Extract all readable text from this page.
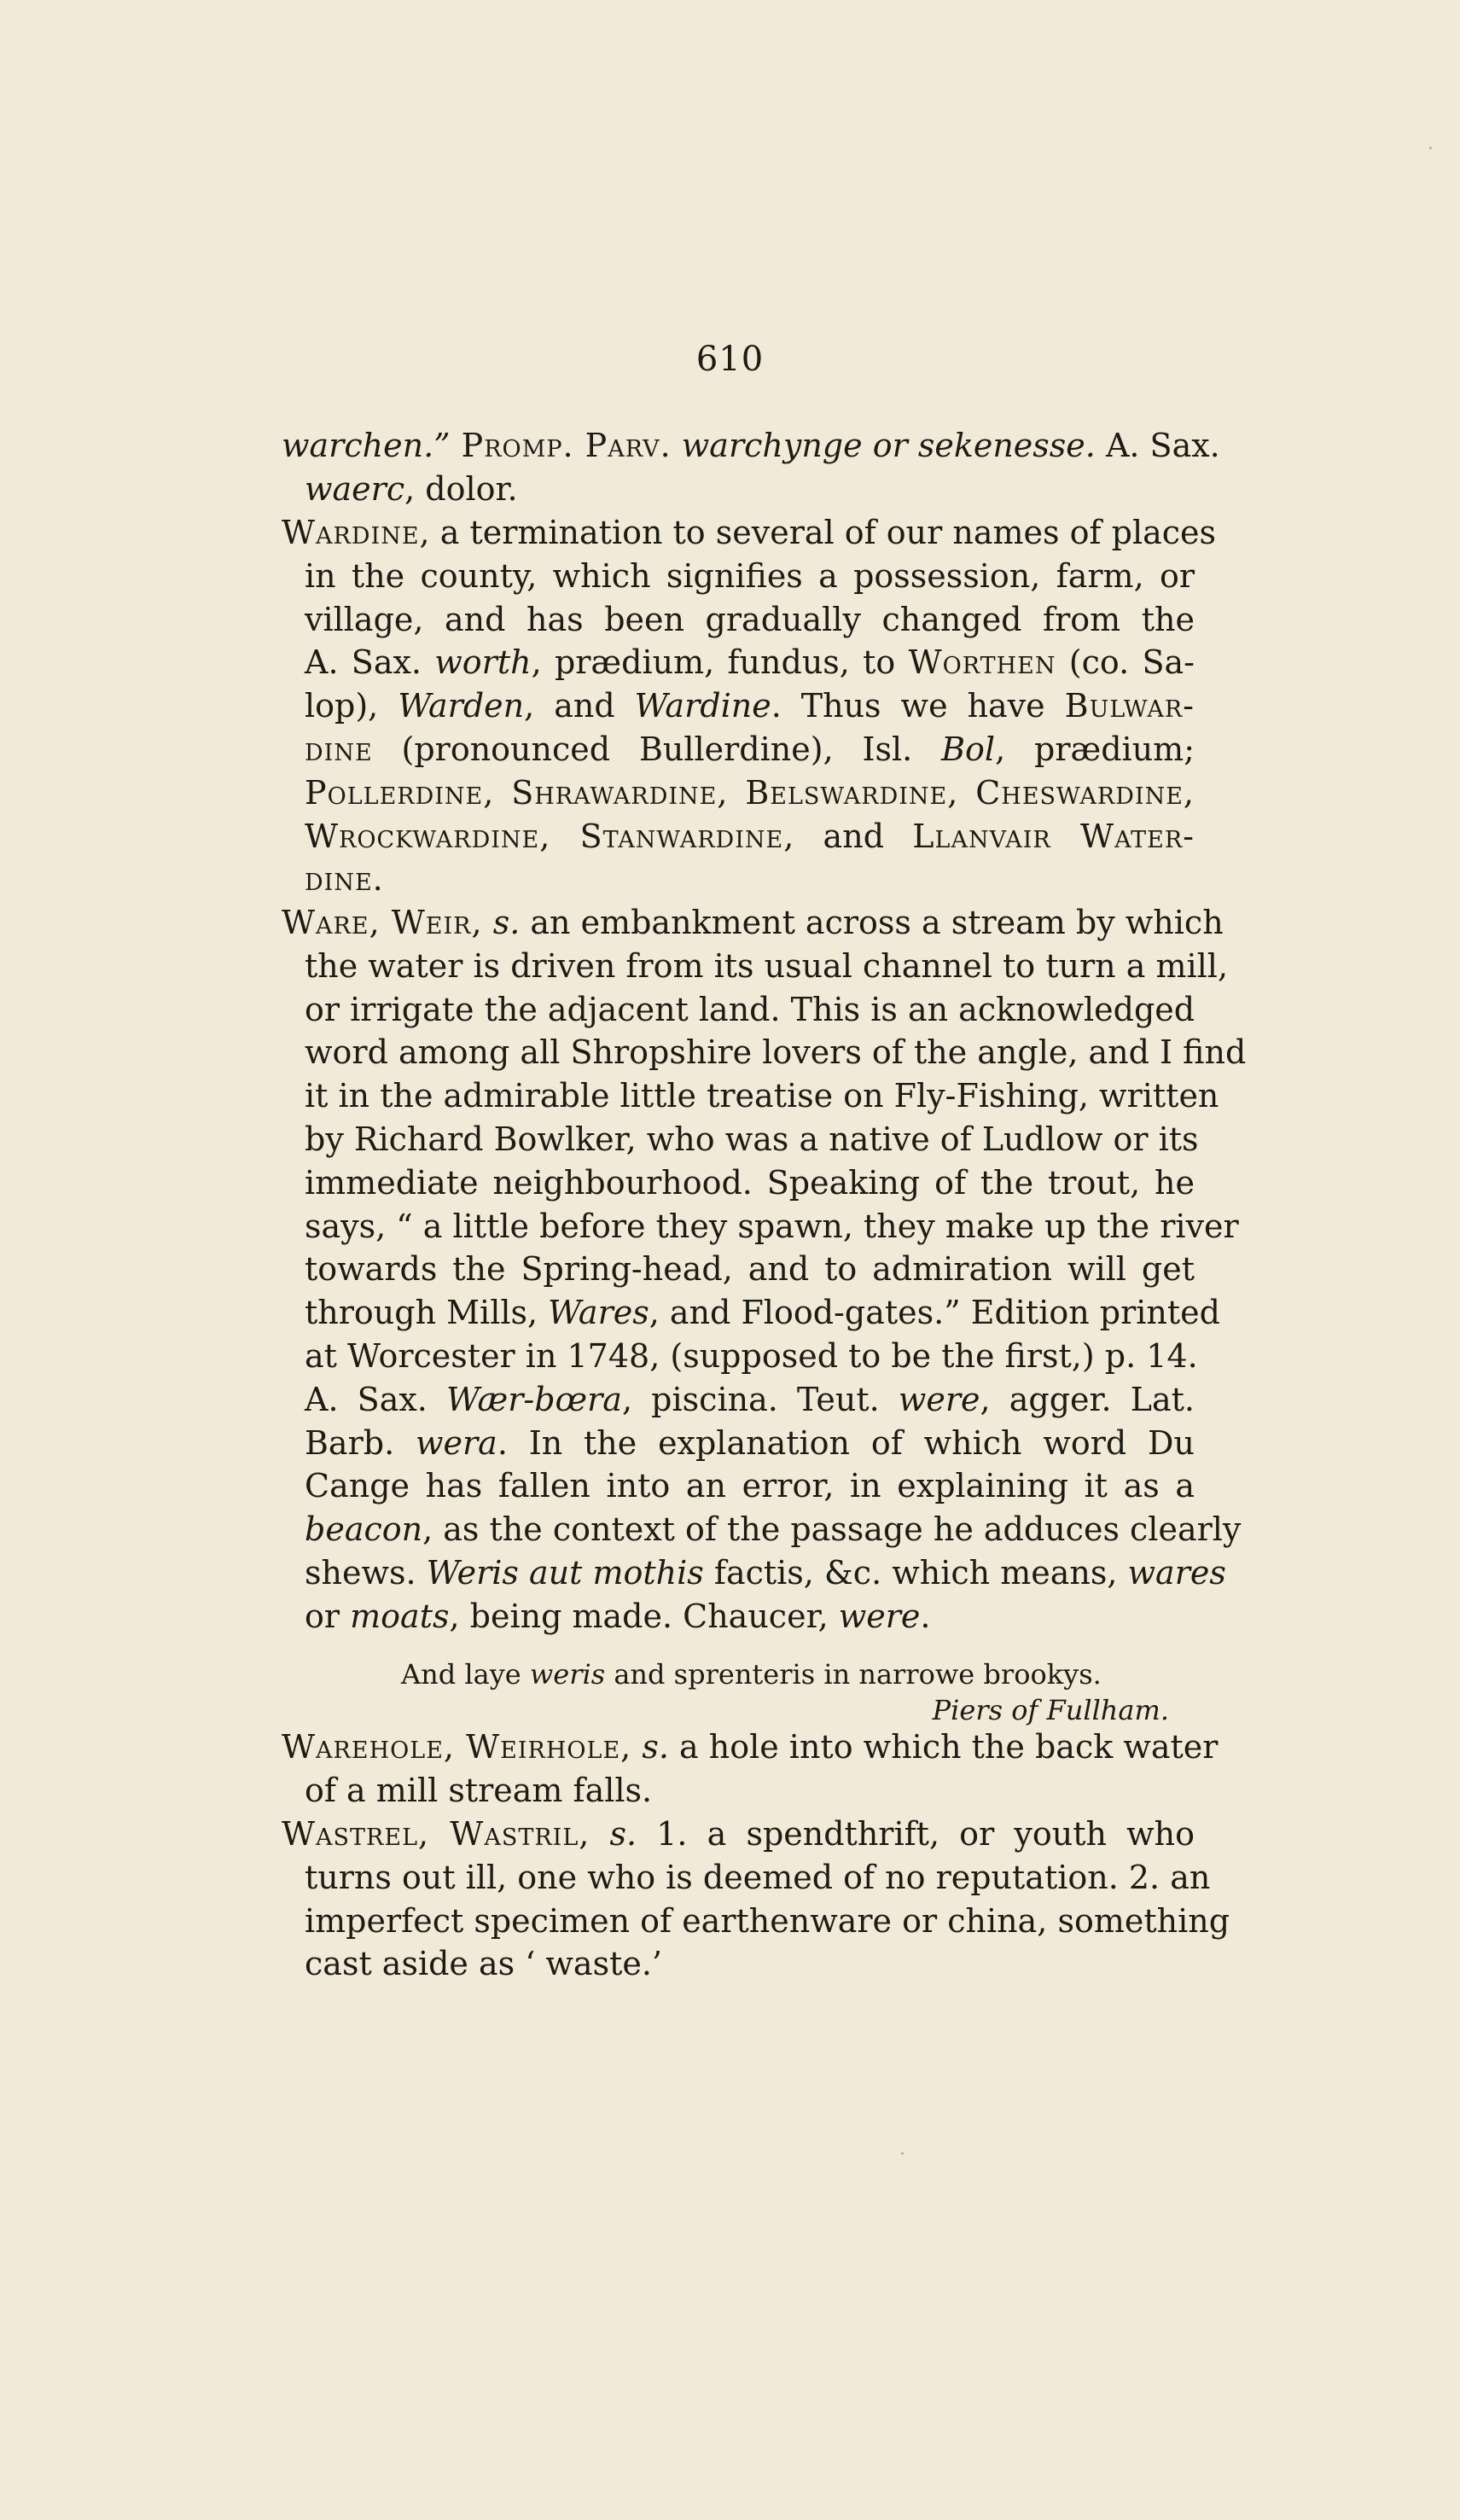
610
warchen.” Promp. Parv. warchynge or sekenesse. A. Sax.
waerc, dolor.
Wardine, a termination to several of our names of places
in the county, which signifies a possession, farm, or
village, and has been gradually changed from the
A. Sax. worth, prædium, fundus, to Worthen (co. Sa-
lop), Warden, and Wardine. Thus we have Bulwar-
dine (pronounced Bullerdine), Isl. Bol, prædium;
Pollerdine, Shrawardine, Belswardine, Cheswardine,
Wrockwardine, Stanwardine, and Llanvair Water-
dine.
Ware, Weir, s. an embankment across a stream by which
the water is driven from its usual channel to turn a mill,
or irrigate the adjacent land. This is an acknowledged
word among all Shropshire lovers of the angle, and I find
it in the admirable little treatise on Fly-Fishing, written
by Richard Bowlker, who was a native of Ludlow or its
immediate neighbourhood. Speaking of the trout, he
says, “ a little before they spawn, they make up the river
towards the Spring-head, and to admiration will get
through Mills, Wares, and Flood-gates.” Edition printed
at Worcester in 1748, (supposed to be the first,) p. 14.
A. Sax. Wær-bœra, piscina. Teut. were, agger. Lat.
Barb. wera. In the explanation of which word Du
Cange has fallen into an error, in explaining it as a
beacon, as the context of the passage he adduces clearly
shews. Weris aut mothis factis, &c. which means, wares
or moats, being made. Chaucer, were.
Warehole, Weirhole, s. a hole into which the back water
of a mill stream falls.
Wastrel, Wastril, s. 1. a spendthrift, or youth who
turns out ill, one who is deemed of no reputation. 2. an
imperfect specimen of earthenware or china, something
cast aside as ‘ waste.’
And laye weris and sprenteris in narrowe brookys.
Piers of Fullham.
